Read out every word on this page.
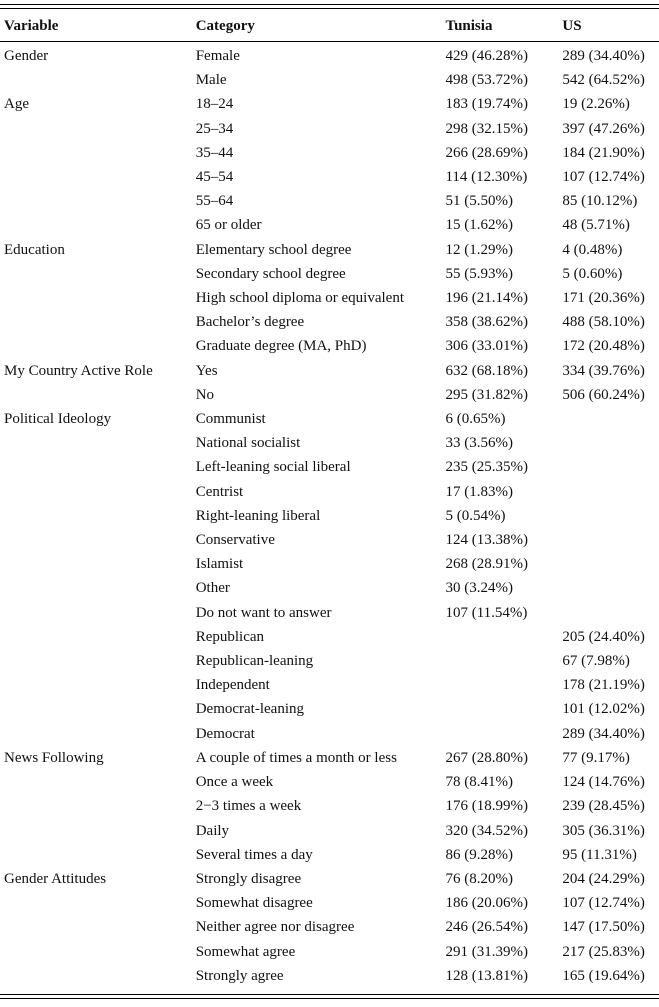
Variable	Category	Tunisia	US
Gender	Female	429 (46.28%)	289 (34.40%)
	Male	498 (53.72%)	542 (64.52%)
Age	18–24	183 (19.74%)	19 (2.26%)
	25–34	298 (32.15%)	397 (47.26%)
	35–44	266 (28.69%)	184 (21.90%)
	45–54	114 (12.30%)	107 (12.74%)
	55–64	51 (5.50%)	85 (10.12%)
	65 or older	15 (1.62%)	48 (5.71%)
Education	Elementary school degree	12 (1.29%)	4 (0.48%)
	Secondary school degree	55 (5.93%)	5 (0.60%)
	High school diploma or equivalent	196 (21.14%)	171 (20.36%)
	Bachelor’s degree	358 (38.62%)	488 (58.10%)
	Graduate degree (MA, PhD)	306 (33.01%)	172 (20.48%)
My Country Active Role	Yes	632 (68.18%)	334 (39.76%)
	No	295 (31.82%)	506 (60.24%)
Political Ideology	Communist	6 (0.65%)	
	National socialist	33 (3.56%)	
	Left-leaning social liberal	235 (25.35%)	
	Centrist	17 (1.83%)	
	Right-leaning liberal	5 (0.54%)	
	Conservative	124 (13.38%)	
	Islamist	268 (28.91%)	
	Other	30 (3.24%)	
	Do not want to answer	107 (11.54%)	
	Republican		205 (24.40%)
	Republican-leaning		67 (7.98%)
	Independent		178 (21.19%)
	Democrat-leaning		101 (12.02%)
	Democrat		289 (34.40%)
News Following	A couple of times a month or less	267 (28.80%)	77 (9.17%)
	Once a week	78 (8.41%)	124 (14.76%)
	2−3 times a week	176 (18.99%)	239 (28.45%)
	Daily	320 (34.52%)	305 (36.31%)
	Several times a day	86 (9.28%)	95 (11.31%)
Gender Attitudes	Strongly disagree	76 (8.20%)	204 (24.29%)
	Somewhat disagree	186 (20.06%)	107 (12.74%)
	Neither agree nor disagree	246 (26.54%)	147 (17.50%)
	Somewhat agree	291 (31.39%)	217 (25.83%)
	Strongly agree	128 (13.81%)	165 (19.64%)
